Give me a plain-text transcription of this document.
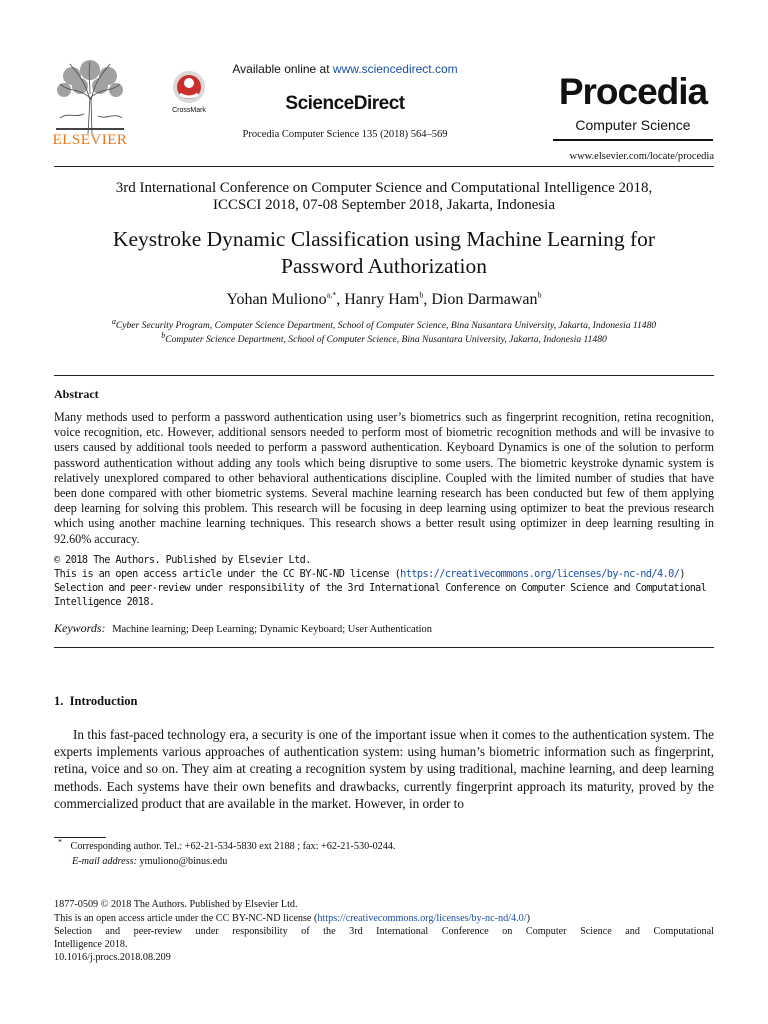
ELSEVIER
CrossMark
Available online at www.sciencedirect.com
ScienceDirect
Procedia Computer Science 135 (2018) 564–569
Procedia
Computer Science
www.elsevier.com/locate/procedia
3rd International Conference on Computer Science and Computational Intelligence 2018,
ICCSCI 2018, 07-08 September 2018, Jakarta, Indonesia
Keystroke Dynamic Classification using Machine Learning for
Password Authorization
Yohan Muliono$^{a,*}$, Hanry Ham$^b$, Dion Darmawan$^b$
$^a$Cyber Security Program, Computer Science Department, School of Computer Science, Bina Nusantara University, Jakarta, Indonesia 11480
$^b$Computer Science Department, School of Computer Science, Bina Nusantara University, Jakarta, Indonesia 11480
Abstract
Many methods used to perform a password authentication using user’s biometrics such as fingerprint recognition, retina recognition, voice recognition, etc. However, additional sensors needed to perform most of biometric recognition methods and will be invasive to users caused by additional tools needed to perform a password authentication. Keyboard Dynamics is one of the solution to perform password authentication without adding any tools which being disruptive to some users. The biometric keystroke dynamic system is relatively unexplored compared to other behavioral authentications discipline. Coupled with the limited number of studies that have been done compared with other biometric systems. Several machine learning research has been conducted but few of them applying deep learning for solving this problem. This research will be focusing in deep learning using optimizer to beat the previous research which using another machine learning techniques. This research shows a better result using optimizer in deep learning resulting in 92.60% accuracy.
© 2018 The Authors. Published by Elsevier Ltd.
This is an open access article under the CC BY-NC-ND license (https://creativecommons.org/licenses/by-nc-nd/4.0/)
Selection and peer-review under responsibility of the 3rd International Conference on Computer Science and Computational
Intelligence 2018.
Keywords: Machine learning; Deep Learning; Dynamic Keyboard; User Authentication
1.  Introduction
In this fast-paced technology era, a security is one of the important issue when it comes to the authentication system. The experts implements various approaches of authentication system: using human’s biometric information such as fingerprint, retina, voice and so on. They aim at creating a recognition system by using traditional, machine learning, and deep learning methods. Each systems have their own benefits and drawbacks, currently fingerprint approach its maturity, proved by the commercialized product that are available in the market. However, in order to
* Corresponding author. Tel.: +62-21-534-5830 ext 2188 ; fax: +62-21-530-0244.
E-mail address: ymuliono@binus.edu
1877-0509 © 2018 The Authors. Published by Elsevier Ltd.
This is an open access article under the CC BY-NC-ND license (https://creativecommons.org/licenses/by-nc-nd/4.0/)
Selection and peer-review under responsibility of the 3rd International Conference on Computer Science and Computational
Intelligence 2018.
10.1016/j.procs.2018.08.209
